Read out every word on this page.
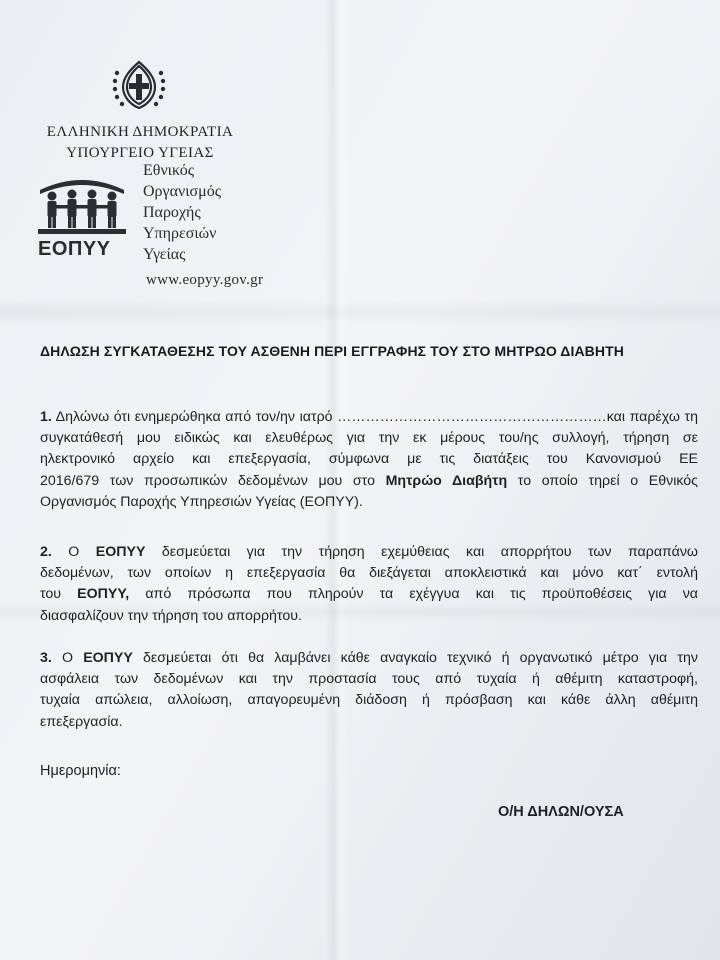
ΕΛΛΗΝΙΚΗ ΔΗΜΟΚΡΑΤΙΑ
ΥΠΟΥΡΓΕΙΟ ΥΓΕΙΑΣ
ΕΟΠΥΥ
Εθνικός
Οργανισμός
Παροχής
Υπηρεσιών
Υγείας
www.eopyy.gov.gr
ΔΗΛΩΣΗ ΣΥΓΚΑΤΑΘΕΣΗΣ ΤΟΥ ΑΣΘΕΝΗ ΠΕΡΙ ΕΓΓΡΑΦΗΣ ΤΟΥ ΣΤΟ ΜΗΤΡΩΟ ΔΙΑΒΗΤΗ
1. Δηλώνω ότι ενημερώθηκα από τον/ην ιατρό …………………………………………………και παρέχω τη
συγκατάθεσή μου ειδικώς και ελευθέρως για την εκ μέρους του/ης συλλογή, τήρηση σε
ηλεκτρονικό αρχείο και επεξεργασία, σύμφωνα με τις διατάξεις του Κανονισμού ΕΕ
2016/679 των προσωπικών δεδομένων μου στο Μητρώο Διαβήτη το οποίο τηρεί ο Εθνικός
Οργανισμός Παροχής Υπηρεσιών Υγείας (ΕΟΠΥΥ).
2. Ο ΕΟΠΥΥ δεσμεύεται για την τήρηση εχεμύθειας και απορρήτου των παραπάνω
δεδομένων, των οποίων η επεξεργασία θα διεξάγεται αποκλειστικά και μόνο κατ΄ εντολή
του ΕΟΠΥΥ, από πρόσωπα που πληρούν τα εχέγγυα και τις προϋποθέσεις για να
διασφαλίζουν την τήρηση του απορρήτου.
3. Ο ΕΟΠΥΥ δεσμεύεται ότι θα λαμβάνει κάθε αναγκαίο τεχνικό ή οργανωτικό μέτρο για την
ασφάλεια των δεδομένων και την προστασία τους από τυχαία ή αθέμιτη καταστροφή,
τυχαία απώλεια, αλλοίωση, απαγορευμένη διάδοση ή πρόσβαση και κάθε άλλη αθέμιτη
επεξεργασία.
Ημερομηνία:
Ο/Η ΔΗΛΩΝ/ΟΥΣΑ
